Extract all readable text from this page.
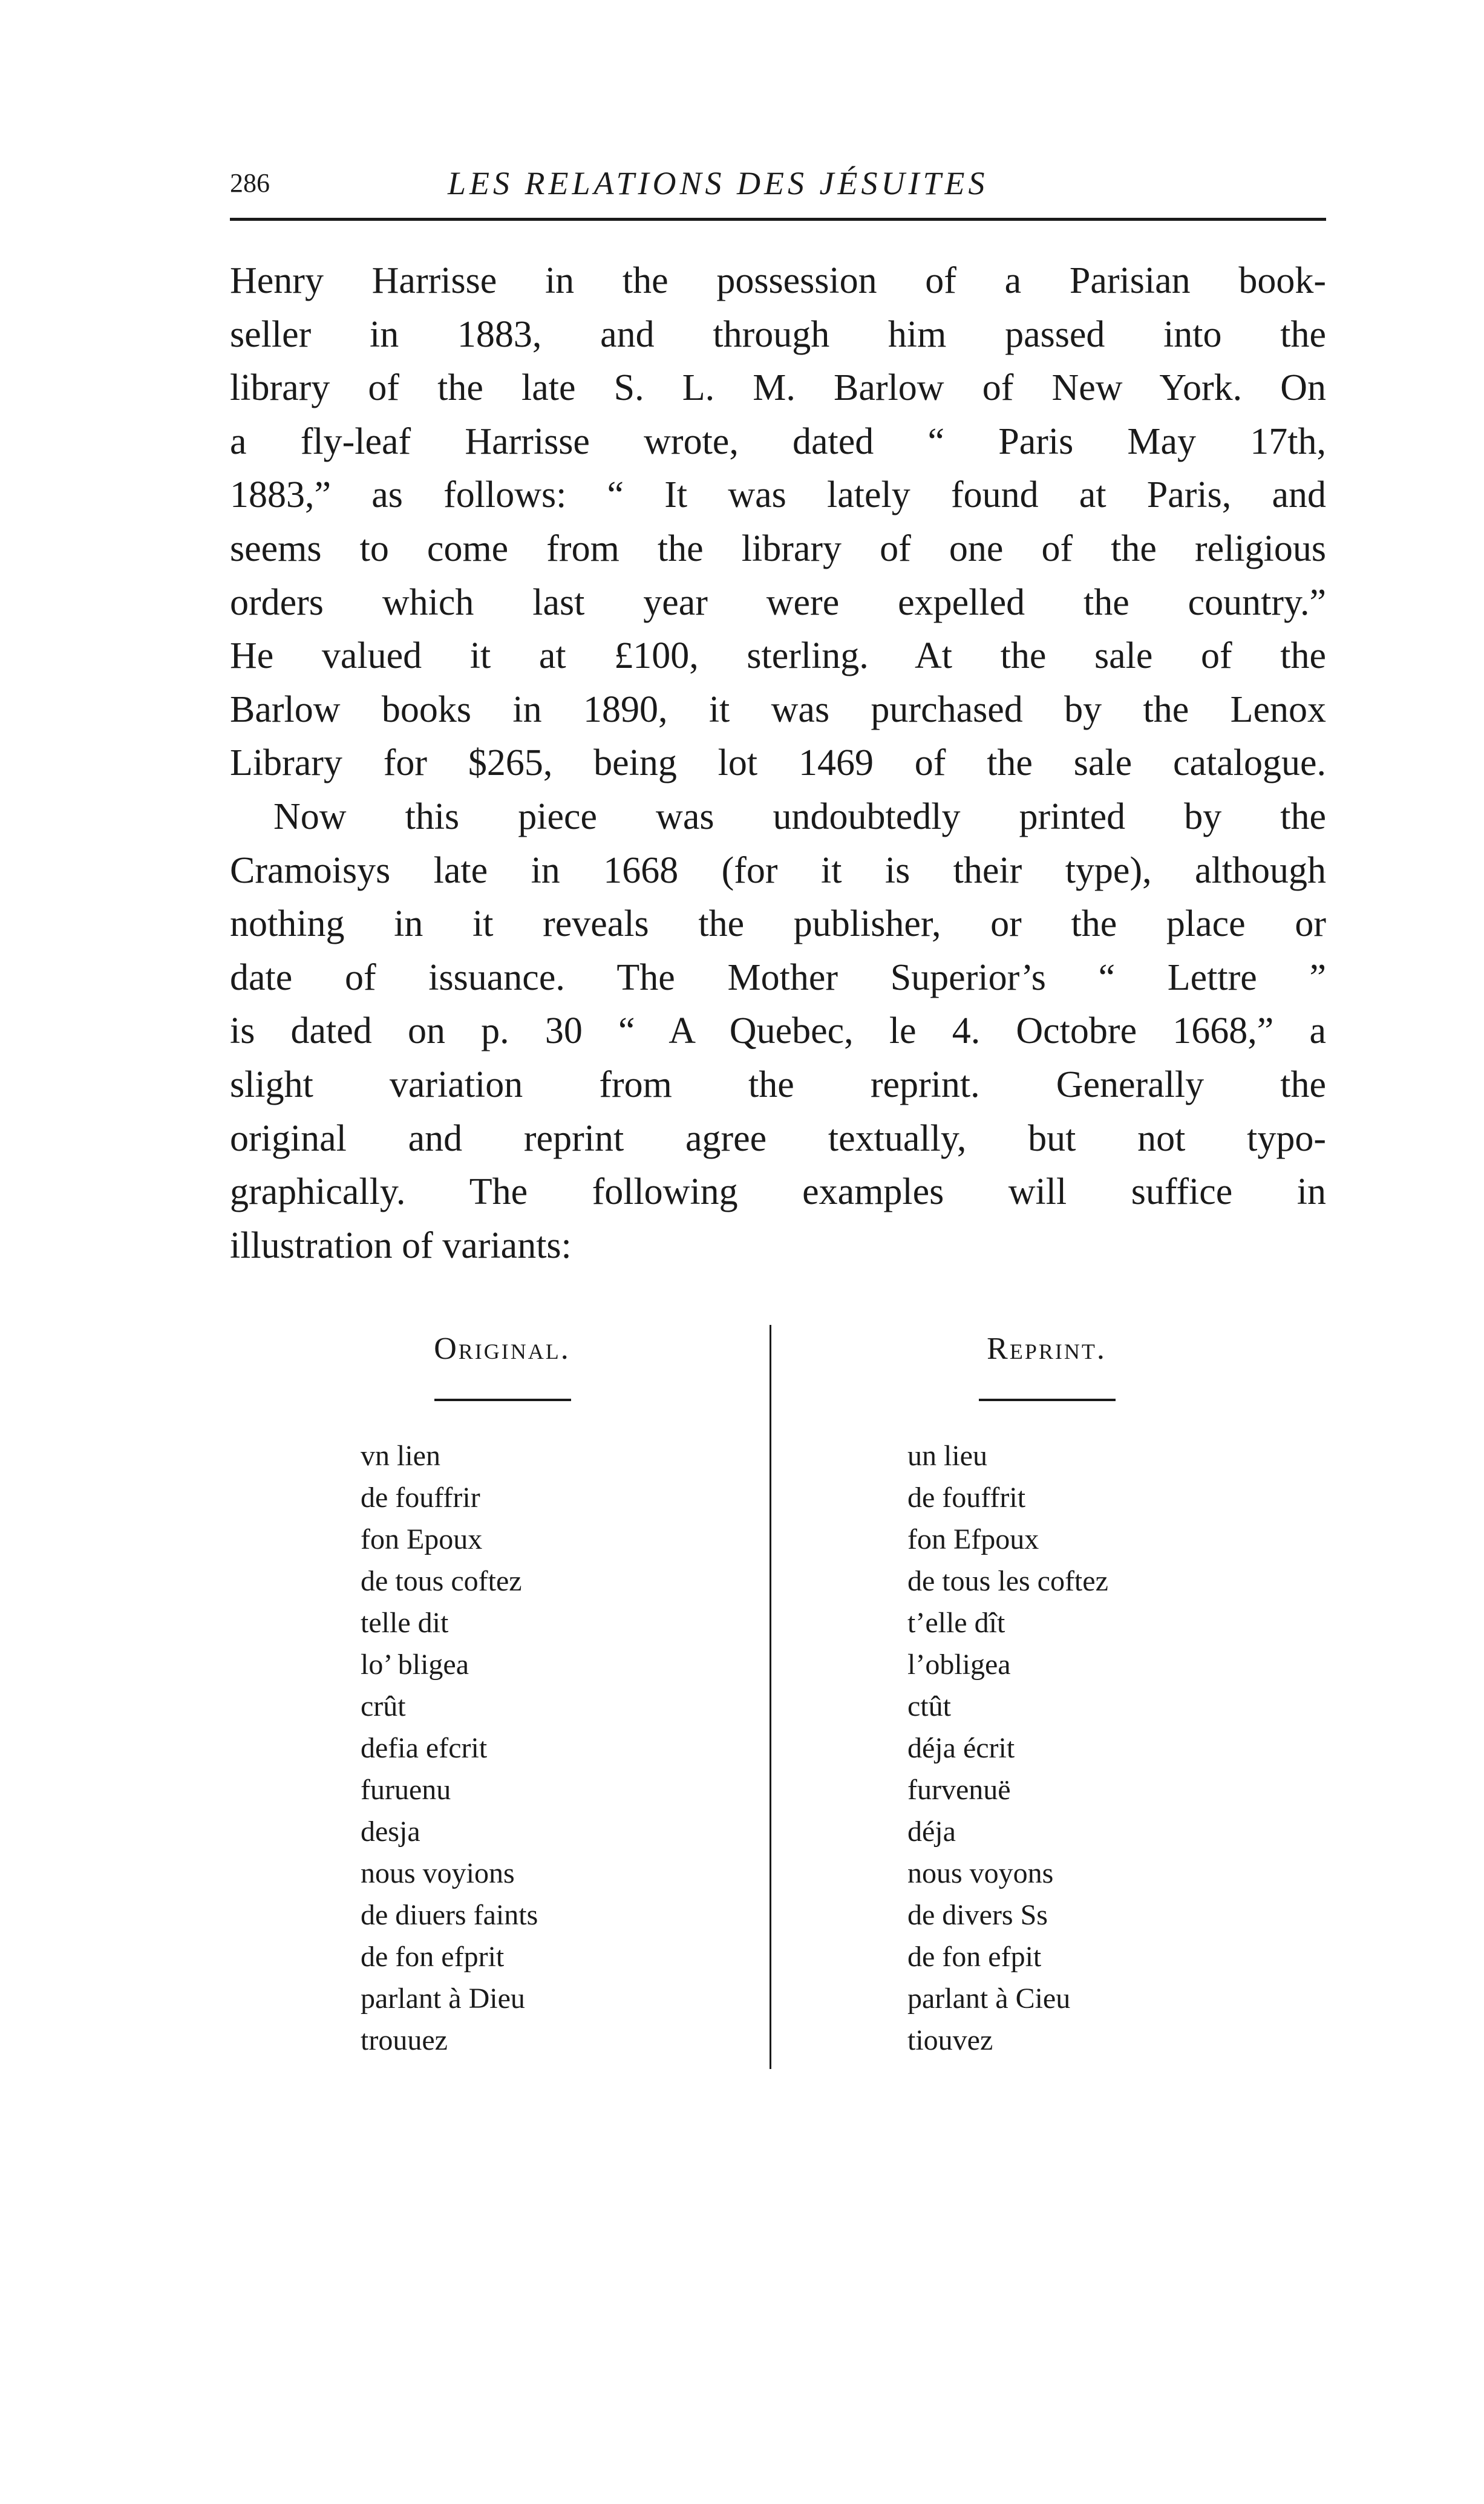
286	LES RELATIONS DES JÉSUITES
Henry Harrisse in the possession of a Parisian book-
seller in 1883, and through him passed into the
library of the late S. L. M. Barlow of New York. On
a fly-leaf Harrisse wrote, dated “ Paris May 17th,
1883,” as follows: “ It was lately found at Paris, and
seems to come from the library of one of the religious
orders which last year were expelled the country.”
He valued it at £100, sterling. At the sale of the
Barlow books in 1890, it was purchased by the Lenox
Library for $265, being lot 1469 of the sale catalogue.
Now this piece was undoubtedly printed by the
Cramoisys late in 1668 (for it is their type), although
nothing in it reveals the publisher, or the place or
date of issuance. The Mother Superior’s “ Lettre ”
is dated on p. 30 “ A Quebec, le 4. Octobre 1668,” a
slight variation from the reprint. Generally the
original and reprint agree textually, but not typo-
graphically. The following examples will suffice in
illustration of variants:
Original.	Reprint.
vn lien
de fouffrir
fon Epoux
de tous coftez
telle dit
lo’ bligea
crût
defia efcrit
furuenu
desja
nous voyions
de diuers faints
de fon efprit
parlant à Dieu
trouuez
un lieu
de fouffrit
fon Efpoux
de tous les coftez
t’elle dît
l’obligea
ctût
déja écrit
furvenuë
déja
nous voyons
de divers Ss
de fon efpit
parlant à Cieu
tiouvez
